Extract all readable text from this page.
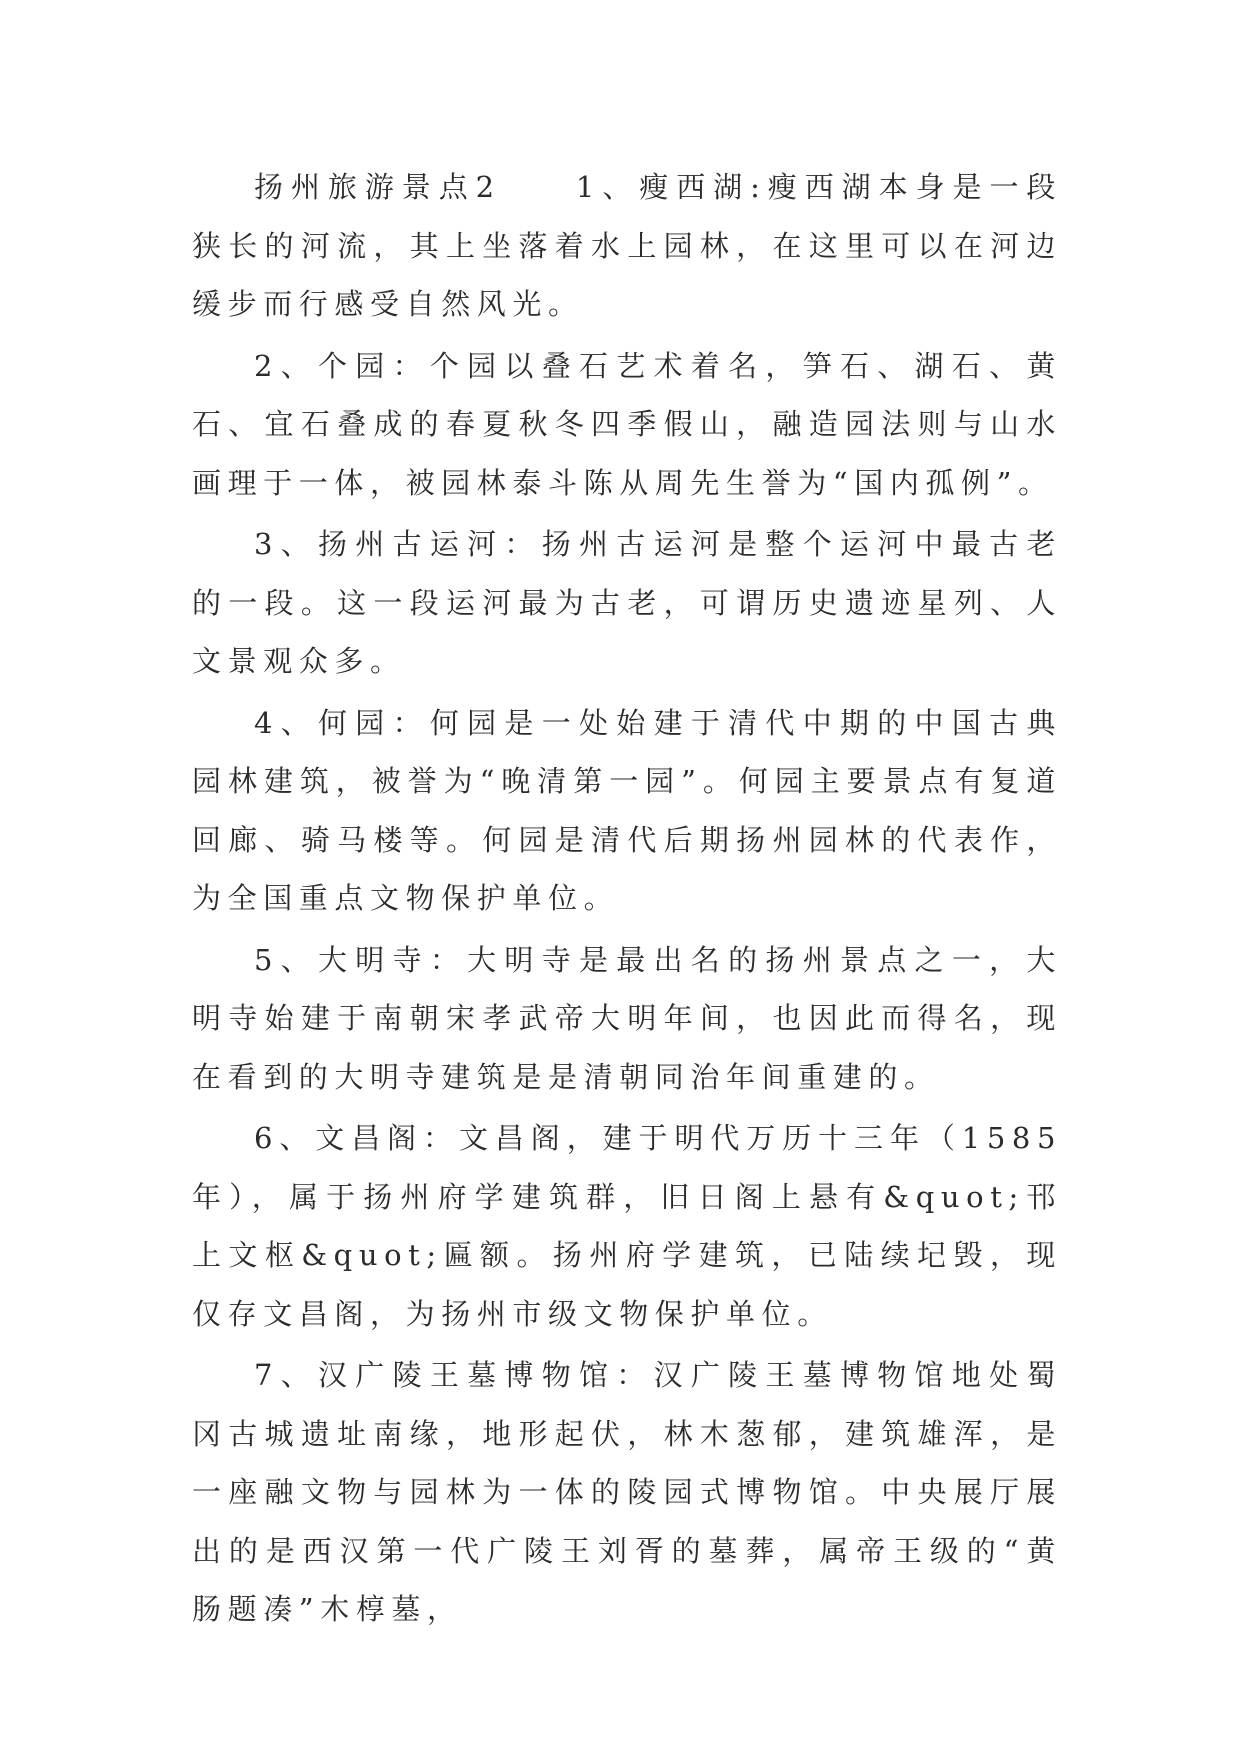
扬州旅游景点2　　1、瘦西湖:瘦西湖本身是一段狭长的河流，其上坐落着水上园林，在这里可以在河边缓步而行感受自然风光。

2、个园：个园以叠石艺术着名，笋石、湖石、黄石、宜石叠成的春夏秋冬四季假山，融造园法则与山水画理于一体，被园林泰斗陈从周先生誉为“国内孤例”。

3、扬州古运河：扬州古运河是整个运河中最古老的一段。这一段运河最为古老，可谓历史遗迹星列、人文景观众多。

4、何园：何园是一处始建于清代中期的中国古典园林建筑，被誉为“晚清第一园”。何园主要景点有复道回廊、骑马楼等。何园是清代后期扬州园林的代表作，为全国重点文物保护单位。

5、大明寺：大明寺是最出名的扬州景点之一，大明寺始建于南朝宋孝武帝大明年间，也因此而得名，现在看到的大明寺建筑是是清朝同治年间重建的。

6、文昌阁：文昌阁，建于明代万历十三年（1585年），属于扬州府学建筑群，旧日阁上悬有&quot;邗上文枢&quot;匾额。扬州府学建筑，已陆续圮毁，现仅存文昌阁，为扬州市级文物保护单位。

7、汉广陵王墓博物馆：汉广陵王墓博物馆地处蜀冈古城遗址南缘，地形起伏，林木葱郁，建筑雄浑，是一座融文物与园林为一体的陵园式博物馆。中央展厅展出的是西汉第一代广陵王刘胥的墓葬，属帝王级的“黄肠题凑”木椁墓，
